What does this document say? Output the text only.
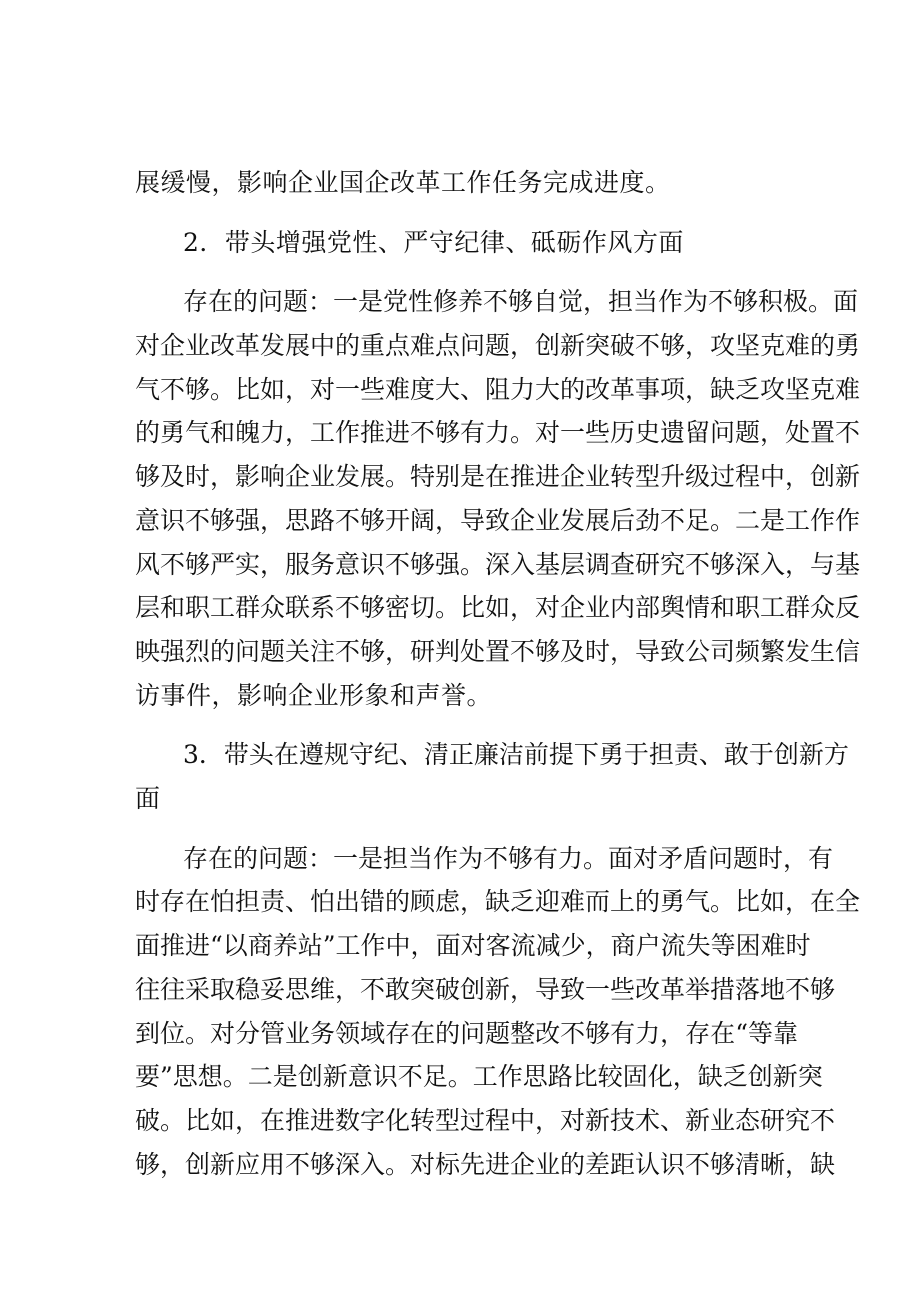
展缓慢，影响企业国企改革工作任务完成进度。
2．带头增强党性、严守纪律、砥砺作风方面
存在的问题：一是党性修养不够自觉，担当作为不够积极。面
对企业改革发展中的重点难点问题，创新突破不够，攻坚克难的勇
气不够。比如，对一些难度大、阻力大的改革事项，缺乏攻坚克难
的勇气和魄力，工作推进不够有力。对一些历史遗留问题，处置不
够及时，影响企业发展。特别是在推进企业转型升级过程中，创新
意识不够强，思路不够开阔，导致企业发展后劲不足。二是工作作
风不够严实，服务意识不够强。深入基层调查研究不够深入，与基
层和职工群众联系不够密切。比如，对企业内部舆情和职工群众反
映强烈的问题关注不够，研判处置不够及时，导致公司频繁发生信
访事件，影响企业形象和声誉。
3．带头在遵规守纪、清正廉洁前提下勇于担责、敢于创新方
面
存在的问题：一是担当作为不够有力。面对矛盾问题时，有
时存在怕担责、怕出错的顾虑，缺乏迎难而上的勇气。比如，在全
面推进“以商养站”工作中，面对客流减少，商户流失等困难时
往往采取稳妥思维，不敢突破创新，导致一些改革举措落地不够
到位。对分管业务领域存在的问题整改不够有力，存在“等靠
要”思想。二是创新意识不足。工作思路比较固化，缺乏创新突
破。比如，在推进数字化转型过程中，对新技术、新业态研究不
够，创新应用不够深入。对标先进企业的差距认识不够清晰，缺
